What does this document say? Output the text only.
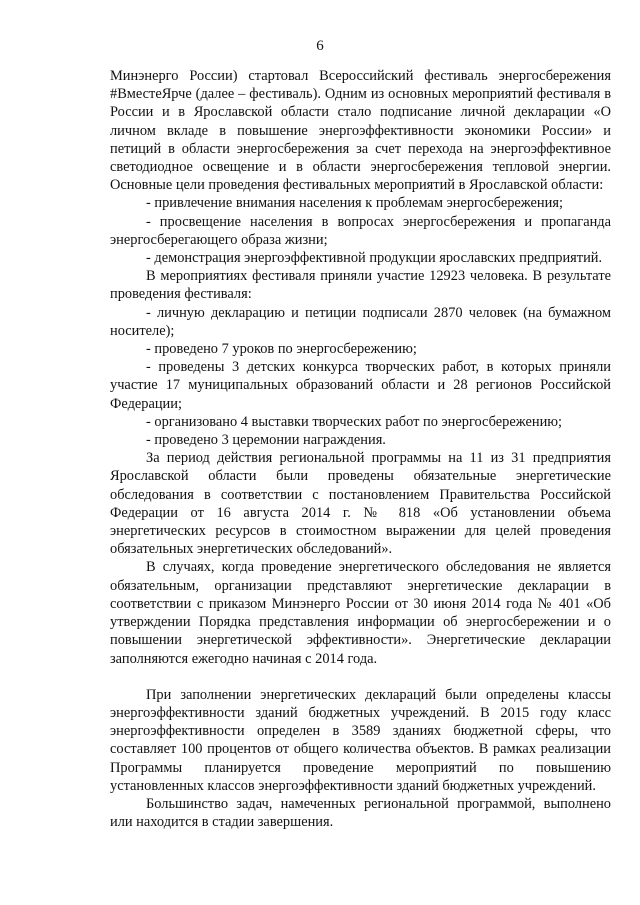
6

Минэнерго России) стартовал Всероссийский фестиваль энергосбережения #ВместеЯрче (далее – фестиваль). Одним из основных мероприятий фестиваля в России и в Ярославской области стало подписание личной декларации «О личном вкладе в повышение энергоэффективности экономики России» и петиций в области энергосбережения за счет перехода на энергоэффективное светодиодное освещение и в области энергосбережения тепловой энергии. Основные цели проведения фестивальных мероприятий в Ярославской области:

- привлечение внимания населения к проблемам энергосбережения;

- просвещение населения в вопросах энергосбережения и пропаганда энергосберегающего образа жизни;

- демонстрация энергоэффективной продукции ярославских предприятий.

В мероприятиях фестиваля приняли участие 12923 человека. В результате проведения фестиваля:

- личную декларацию и петиции подписали 2870 человек (на бумажном носителе);

- проведено 7 уроков по энергосбережению;

- проведены 3 детских конкурса творческих работ, в которых приняли участие 17 муниципальных образований области и 28 регионов Российской Федерации;

- организовано 4 выставки творческих работ по энергосбережению;

- проведено 3 церемонии награждения.

За период действия региональной программы на 11 из 31 предприятия Ярославской области были проведены обязательные энергетические обследования в соответствии с постановлением Правительства Российской Федерации от 16 августа 2014 г. № 818 «Об установлении объема энергетических ресурсов в стоимостном выражении для целей проведения обязательных энергетических обследований».

В случаях, когда проведение энергетического обследования не является обязательным, организации представляют энергетические декларации в соответствии с приказом Минэнерго России от 30 июня 2014 года № 401 «Об утверждении Порядка представления информации об энергосбережении и о повышении энергетической эффективности». Энергетические декларации заполняются ежегодно начиная с 2014 года.

При заполнении энергетических деклараций были определены классы энергоэффективности зданий бюджетных учреждений. В 2015 году класс энергоэффективности определен в 3589 зданиях бюджетной сферы, что составляет 100 процентов от общего количества объектов. В рамках реализации Программы планируется проведение мероприятий по повышению установленных классов энергоэффективности зданий бюджетных учреждений.

Большинство задач, намеченных региональной программой, выполнено или находится в стадии завершения.
